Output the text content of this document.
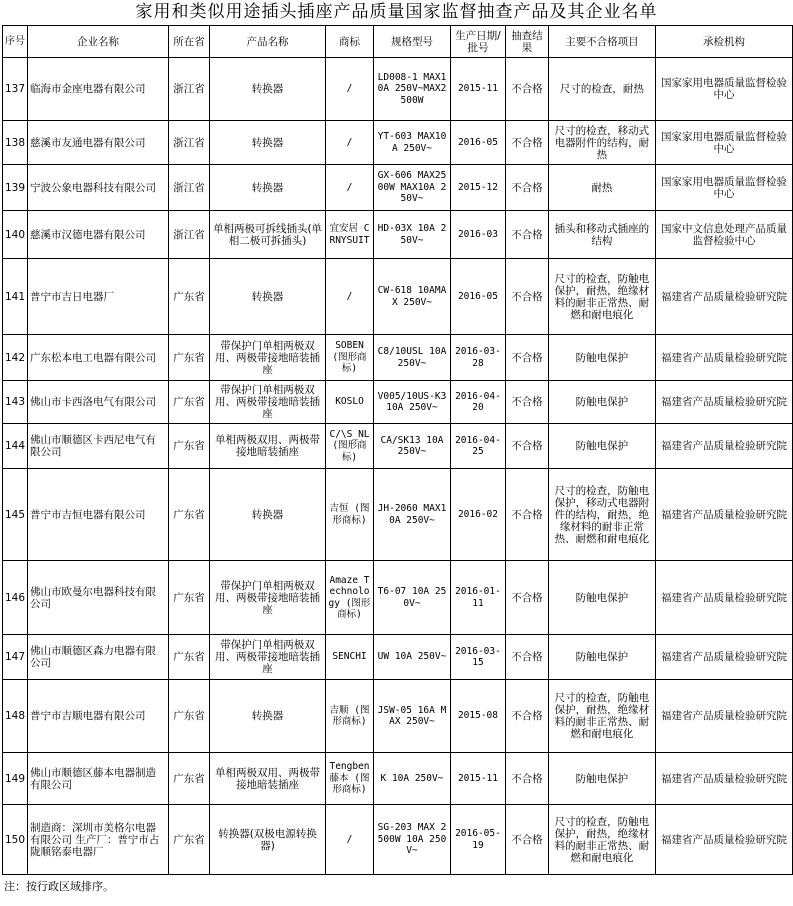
家用和类似用途插头插座产品质量国家监督抽查产品及其企业名单
序号	企业名称	所在省	产品名称	商标	规格型号	生产日期/批号	抽查结果	主要不合格项目	承检机构
137	临海市金座电器有限公司	浙江省	转换器	/	LD008-1 MAX10A 250V~MAX2500W	2015-11	不合格	尺寸的检查，耐热	国家家用电器质量监督检验中心
138	慈溪市友通电器有限公司	浙江省	转换器	/	YT-603 MAX10A 250V~	2016-05	不合格	尺寸的检查，移动式电器附件的结构，耐热	国家家用电器质量监督检验中心
139	宁波公象电器科技有限公司	浙江省	转换器	/	GX-606 MAX2500W MAX10A 250V~	2015-12	不合格	耐热	国家家用电器质量监督检验中心
140	慈溪市汉德电器有限公司	浙江省	单相两极可拆线插头(单相二极可拆插头)	宜安居 CRNYSUIT	HD-03X 10A 250V~	2016-03	不合格	插头和移动式插座的结构	国家中文信息处理产品质量监督检验中心
141	普宁市吉日电器厂	广东省	转换器	/	CW-618 10AMAX 250V~	2016-05	不合格	尺寸的检查，防触电保护，耐热，绝缘材料的耐非正常热、耐燃和耐电痕化	福建省产品质量检验研究院
142	广东松本电工电器有限公司	广东省	带保护门单相两极双用、两极带接地暗装插座	SOBEN (图形商标)	C8/10USL 10A 250V~	2016-03-28	不合格	防触电保护	福建省产品质量检验研究院
143	佛山市卡西洛电气有限公司	广东省	带保护门单相两极双用、两极带接地暗装插座	KOSLO	V005/10US-K3 10A 250V~	2016-04-20	不合格	防触电保护	福建省产品质量检验研究院
144	佛山市顺德区卡西尼电气有限公司	广东省	单相两极双用、两极带接地暗装插座	C/\S_NL (图形商标)	CA/SK13 10A 250V~	2016-04-25	不合格	防触电保护	福建省产品质量检验研究院
145	普宁市吉恒电器有限公司	广东省	转换器	吉恒 (图形商标)	JH-2060 MAX10A 250V~	2016-02	不合格	尺寸的检查，防触电保护，移动式电器附件的结构，耐热，绝缘材料的耐非正常热、耐燃和耐电痕化	福建省产品质量检验研究院
146	佛山市欧曼尔电器科技有限公司	广东省	带保护门单相两极双用、两极带接地暗装插座	Amaze Technology (图形商标)	T6-07 10A 250V~	2016-01-11	不合格	防触电保护	福建省产品质量检验研究院
147	佛山市顺德区森力电器有限公司	广东省	带保护门单相两极双用、两极带接地暗装插座	SENCHI	UW 10A 250V~	2016-03-15	不合格	防触电保护	福建省产品质量检验研究院
148	普宁市吉顺电器有限公司	广东省	转换器	吉顺 (图形商标)	JSW-05 16A MAX 250V~	2015-08	不合格	尺寸的检查，防触电保护，耐热，绝缘材料的耐非正常热、耐燃和耐电痕化	福建省产品质量检验研究院
149	佛山市顺德区藤本电器制造有限公司	广东省	单相两极双用、两极带接地暗装插座	Tengben 藤本 (图形商标)	K 10A 250V~	2015-11	不合格	防触电保护	福建省产品质量检验研究院
150	制造商：深圳市美格尔电器有限公司 生产厂：普宁市占陇顺铭泰电器厂	广东省	转换器(双极电源转换器)	/	SG-203 MAX 2500W 10A 250V~	2016-05-19	不合格	尺寸的检查，防触电保护，耐热，绝缘材料的耐非正常热、耐燃和耐电痕化	福建省产品质量检验研究院
注：按行政区域排序。
